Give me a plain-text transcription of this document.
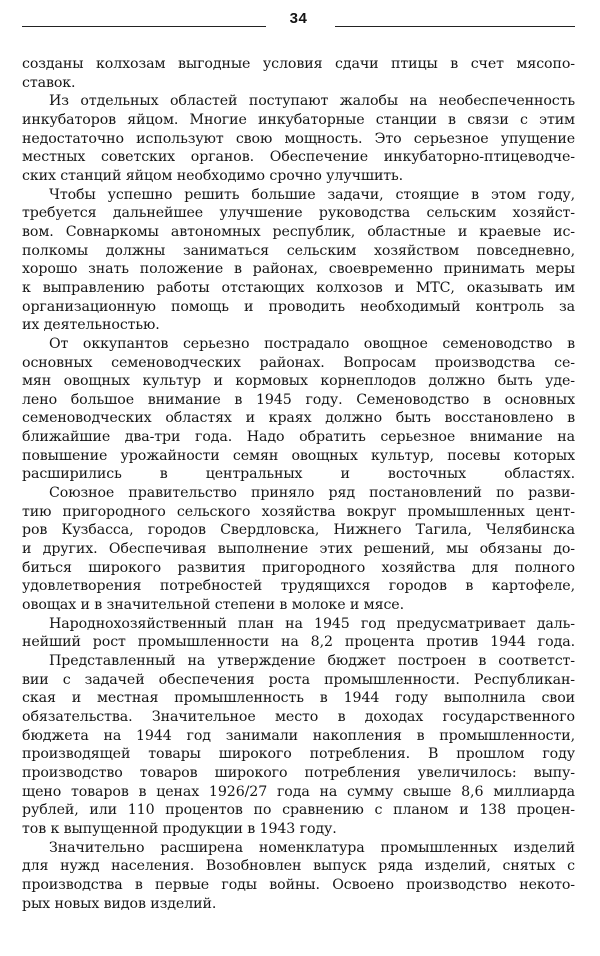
34
созданы колхозам выгодные условия сдачи птицы в счет мясопо-
ставок.
Из отдельных областей поступают жалобы на необеспеченность
инкубаторов яйцом. Многие инкубаторные станции в связи с этим
недостаточно используют свою мощность. Это серьезное упущение
местных советских органов. Обеспечение инкубаторно-птицеводче-
ских станций яйцом необходимо срочно улучшить.
Чтобы успешно решить большие задачи, стоящие в этом году,
требуется дальнейшее улучшение руководства сельским хозяйст-
вом. Совнаркомы автономных республик, областные и краевые ис-
полкомы должны заниматься сельским хозяйством повседневно,
хорошо знать положение в районах, своевременно принимать меры
к выправлению работы отстающих колхозов и МТС, оказывать им
организационную помощь и проводить необходимый контроль за
их деятельностью.
От оккупантов серьезно пострадало овощное семеноводство в
основных семеноводческих районах. Вопросам производства се-
мян овощных культур и кормовых корнеплодов должно быть уде-
лено большое внимание в 1945 году. Семеноводство в основных
семеноводческих областях и краях должно быть восстановлено в
ближайшие два-три года. Надо обратить серьезное внимание на
повышение урожайности семян овощных культур, посевы которых
расширились в центральных и восточных областях.
Союзное правительство приняло ряд постановлений по разви-
тию пригородного сельского хозяйства вокруг промышленных цент-
ров Кузбасса, городов Свердловска, Нижнего Тагила, Челябинска
и других. Обеспечивая выполнение этих решений, мы обязаны до-
биться широкого развития пригородного хозяйства для полного
удовлетворения потребностей трудящихся городов в картофеле,
овощах и в значительной степени в молоке и мясе.
Народнохозяйственный план на 1945 год предусматривает даль-
нейший рост промышленности на 8,2 процента против 1944 года.
Представленный на утверждение бюджет построен в соответст-
вии с задачей обеспечения роста промышленности. Республикан-
ская и местная промышленность в 1944 году выполнила свои
обязательства. Значительное место в доходах государственного
бюджета на 1944 год занимали накопления в промышленности,
производящей товары широкого потребления. В прошлом году
производство товаров широкого потребления увеличилось: выпу-
щено товаров в ценах 1926/27 года на сумму свыше 8,6 миллиарда
рублей, или 110 процентов по сравнению с планом и 138 процен-
тов к выпущенной продукции в 1943 году.
Значительно расширена номенклатура промышленных изделий
для нужд населения. Возобновлен выпуск ряда изделий, снятых с
производства в первые годы войны. Освоено производство некото-
рых новых видов изделий.
